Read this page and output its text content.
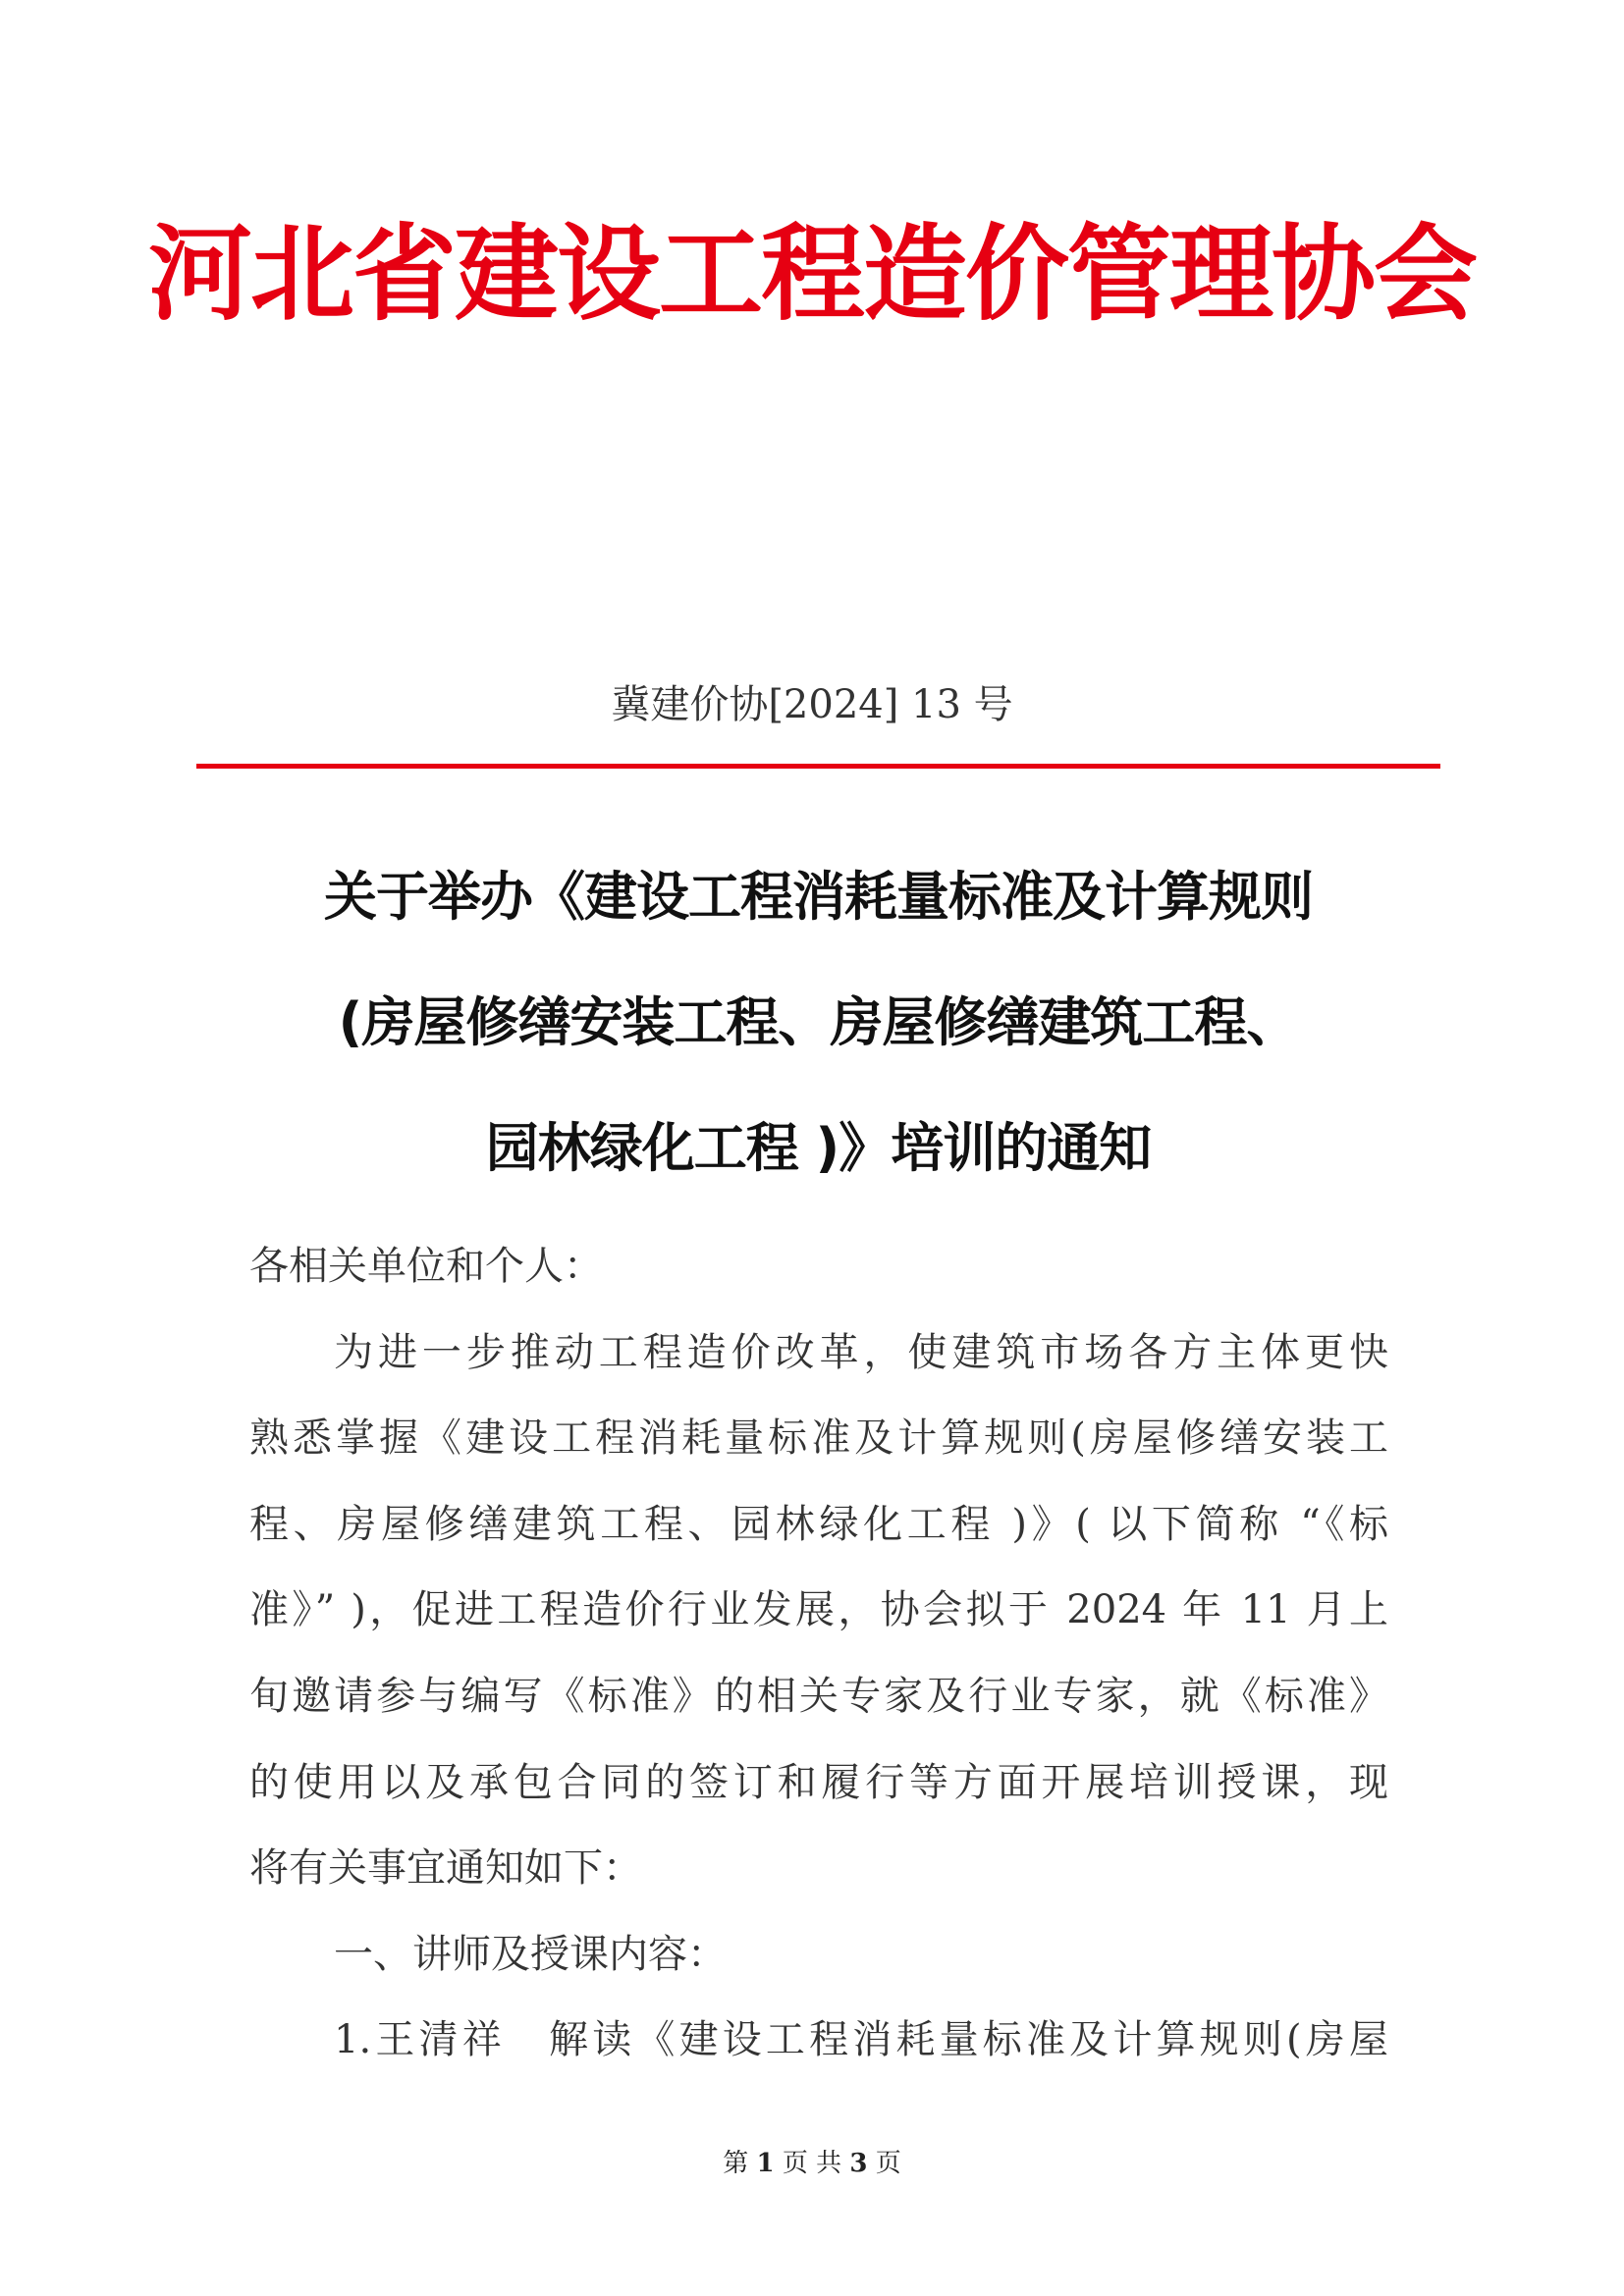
河北省建设工程造价管理协会
冀建价协[2024] 13 号
关于举办《建设工程消耗量标准及计算规则
(房屋修缮安装工程、房屋修缮建筑工程、
园林绿化工程 )》培训的通知
各相关单位和个人：
为进一步推动工程造价改革，使建筑市场各方主体更快
熟悉掌握《建设工程消耗量标准及计算规则(房屋修缮安装工
程、房屋修缮建筑工程、园林绿化工程 )》( 以下简称 “《标
准》” )，促进工程造价行业发展，协会拟于 2024 年 11 月上
旬邀请参与编写《标准》的相关专家及行业专家，就《标准》
的使用以及承包合同的签订和履行等方面开展培训授课，现
将有关事宜通知如下：
一、讲师及授课内容：
1.王清祥　解读《建设工程消耗量标准及计算规则(房屋
第 1 页 共 3 页
